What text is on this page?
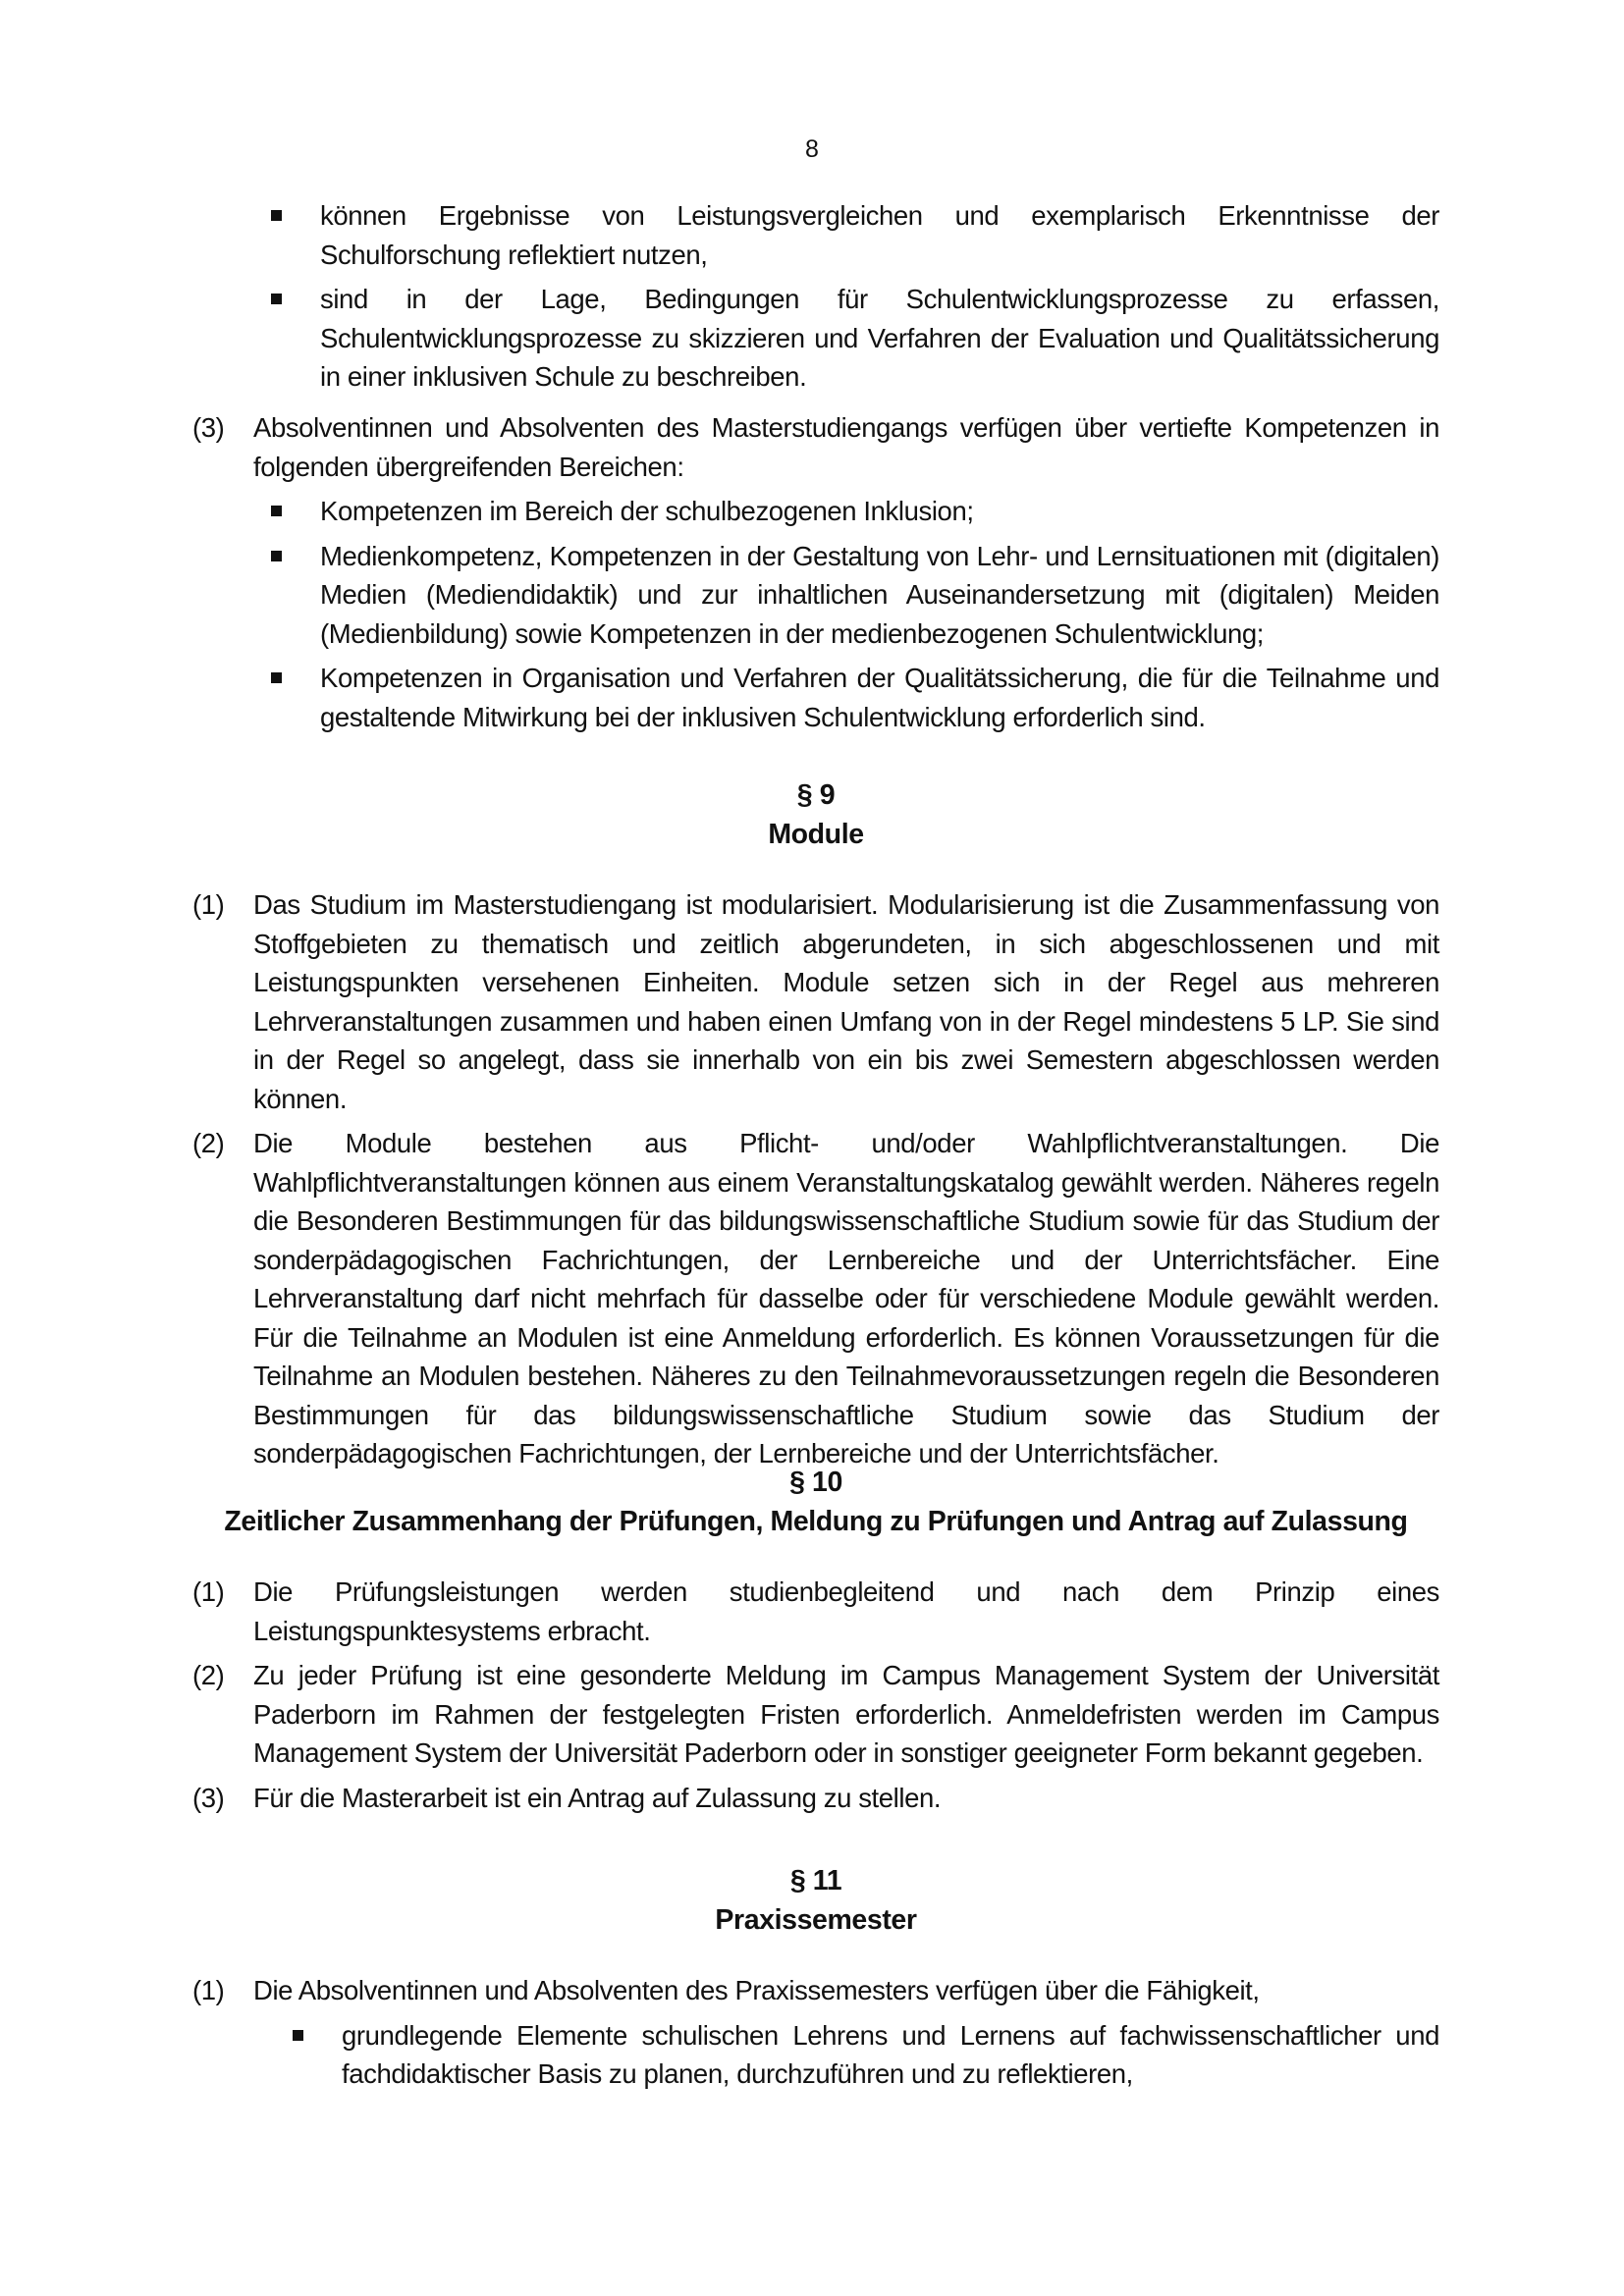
8
können Ergebnisse von Leistungsvergleichen und exemplarisch Erkenntnisse der Schulforschung reflektiert nutzen,
sind in der Lage, Bedingungen für Schulentwicklungsprozesse zu erfassen, Schulentwicklungsprozesse zu skizzieren und Verfahren der Evaluation und Qualitätssicherung in einer inklusiven Schule zu beschreiben.
(3) Absolventinnen und Absolventen des Masterstudiengangs verfügen über vertiefte Kompetenzen in folgenden übergreifenden Bereichen:
Kompetenzen im Bereich der schulbezogenen Inklusion;
Medienkompetenz, Kompetenzen in der Gestaltung von Lehr- und Lernsituationen mit (digitalen) Medien (Mediendidaktik) und zur inhaltlichen Auseinandersetzung mit (digitalen) Meiden (Medienbildung) sowie Kompetenzen in der medienbezogenen Schulentwicklung;
Kompetenzen in Organisation und Verfahren der Qualitätssicherung, die für die Teilnahme und gestaltende Mitwirkung bei der inklusiven Schulentwicklung erforderlich sind.
§ 9
Module
(1) Das Studium im Masterstudiengang ist modularisiert. Modularisierung ist die Zusammenfassung von Stoffgebieten zu thematisch und zeitlich abgerundeten, in sich abgeschlossenen und mit Leistungspunkten versehenen Einheiten. Module setzen sich in der Regel aus mehreren Lehrveranstaltungen zusammen und haben einen Umfang von in der Regel mindestens 5 LP. Sie sind in der Regel so angelegt, dass sie innerhalb von ein bis zwei Semestern abgeschlossen werden können.
(2) Die Module bestehen aus Pflicht- und/oder Wahlpflichtveranstaltungen. Die Wahlpflichtveranstaltungen können aus einem Veranstaltungskatalog gewählt werden. Näheres regeln die Besonderen Bestimmungen für das bildungswissenschaftliche Studium sowie für das Studium der sonderpädagogischen Fachrichtungen, der Lernbereiche und der Unterrichtsfächer. Eine Lehrveranstaltung darf nicht mehrfach für dasselbe oder für verschiedene Module gewählt werden. Für die Teilnahme an Modulen ist eine Anmeldung erforderlich. Es können Voraussetzungen für die Teilnahme an Modulen bestehen. Näheres zu den Teilnahmevoraussetzungen regeln die Besonderen Bestimmungen für das bildungswissenschaftliche Studium sowie das Studium der sonderpädagogischen Fachrichtungen, der Lernbereiche und der Unterrichtsfächer.
§ 10
Zeitlicher Zusammenhang der Prüfungen, Meldung zu Prüfungen und Antrag auf Zulassung
(1) Die Prüfungsleistungen werden studienbegleitend und nach dem Prinzip eines Leistungspunktesystems erbracht.
(2) Zu jeder Prüfung ist eine gesonderte Meldung im Campus Management System der Universität Paderborn im Rahmen der festgelegten Fristen erforderlich. Anmeldefristen werden im Campus Management System der Universität Paderborn oder in sonstiger geeigneter Form bekannt gegeben.
(3) Für die Masterarbeit ist ein Antrag auf Zulassung zu stellen.
§ 11
Praxissemester
(1) Die Absolventinnen und Absolventen des Praxissemesters verfügen über die Fähigkeit,
grundlegende Elemente schulischen Lehrens und Lernens auf fachwissenschaftlicher und fachdidaktischer Basis zu planen, durchzuführen und zu reflektieren,
